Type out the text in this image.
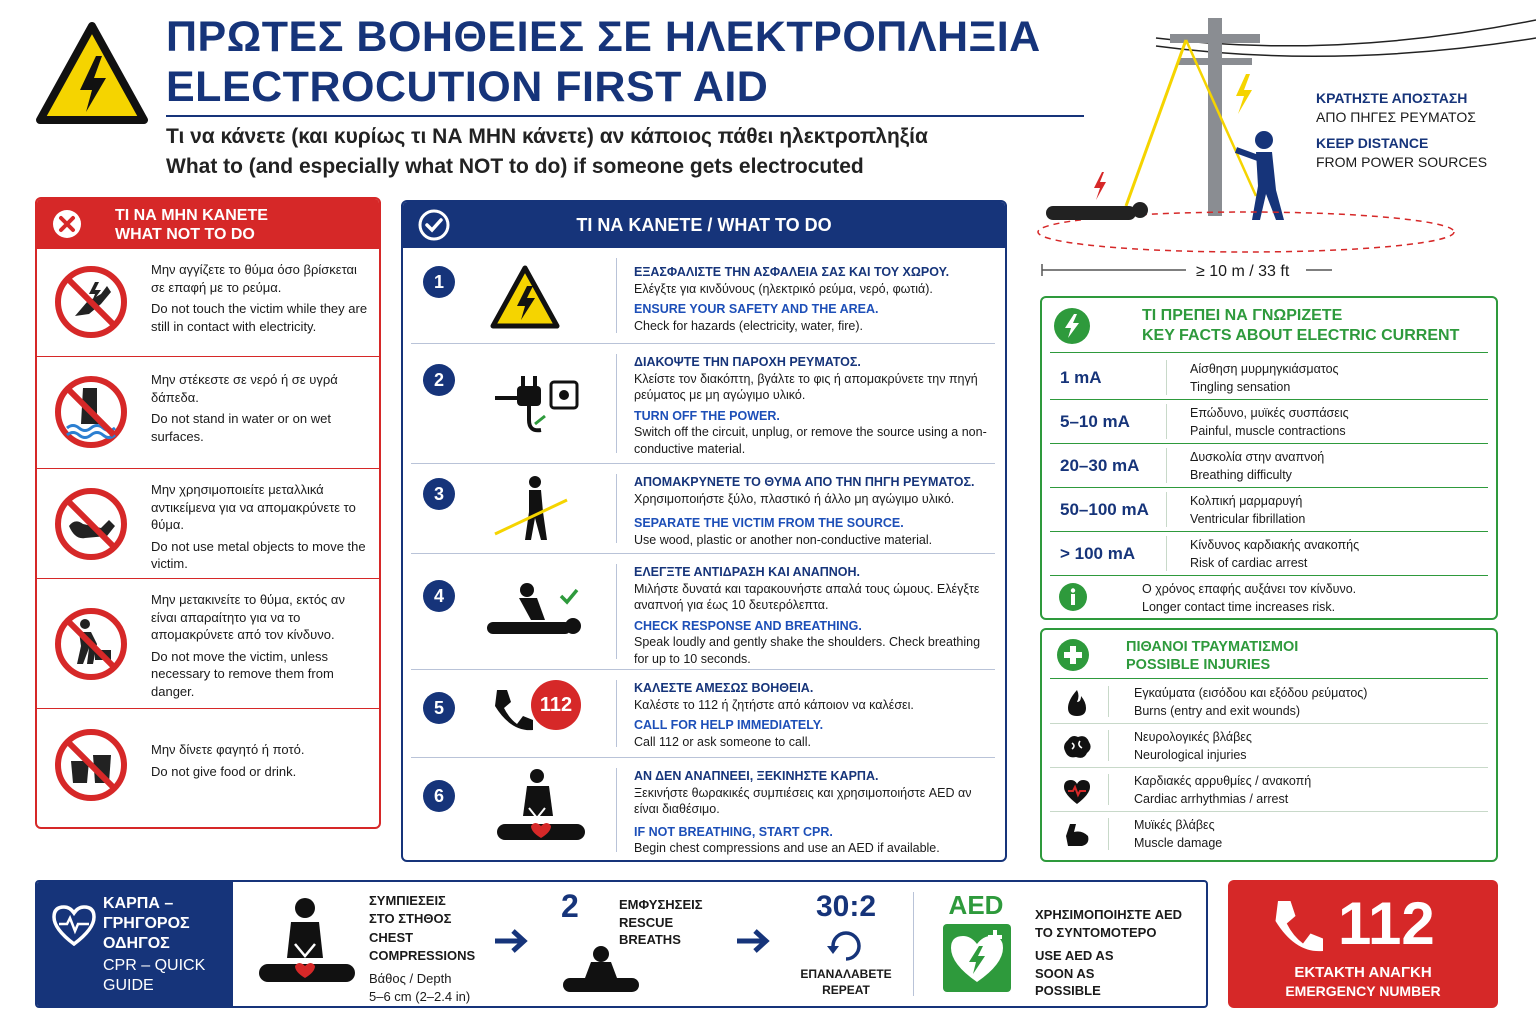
ΠΡΩΤΕΣ ΒΟΗΘΕΙΕΣ ΣΕ ΗΛΕΚΤΡΟΠΛΗΞΙΑ
ELECTROCUTION FIRST AID
Τι να κάνετε (και κυρίως τι ΝΑ ΜΗΝ κάνετε) αν κάποιος πάθει ηλεκτροπληξία
What to (and especially what NOT to do) if someone gets electrocuted
≥ 10 m / 33 ft
ΚΡΑΤΗΣΤΕ ΑΠΟΣΤΑΣΗ
ΑΠΟ ΠΗΓΕΣ ΡΕΥΜΑΤΟΣ
KEEP DISTANCE
FROM POWER SOURCES
ΤΙ ΝΑ ΜΗΝ ΚΑΝΕΤΕ
WHAT NOT TO DO
Μην αγγίζετε το θύμα όσο βρίσκεται σε επαφή με το ρεύμα.
Do not touch the victim while they are still in contact with electricity.
Μην στέκεστε σε νερό ή σε υγρά δάπεδα.
Do not stand in water or on wet surfaces.
Μην χρησιμοποιείτε μεταλλικά αντικείμενα για να απομακρύνετε το θύμα.
Do not use metal objects to move the victim.
Μην μετακινείτε το θύμα, εκτός αν είναι απαραίτητο για να το απομακρύνετε από τον κίνδυνο.
Do not move the victim, unless necessary to remove them from danger.
Μην δίνετε φαγητό ή ποτό.
Do not give food or drink.
ΤΙ ΝΑ ΚΑΝΕΤΕ / WHAT TO DO
1	ΕΞΑΣΦΑΛΙΣΤΕ ΤΗΝ ΑΣΦΑΛΕΙΑ ΣΑΣ ΚΑΙ ΤΟΥ ΧΩΡΟΥ.
Ελέγξτε για κινδύνους (ηλεκτρικό ρεύμα, νερό, φωτιά).
ENSURE YOUR SAFETY AND THE AREA.
Check for hazards (electricity, water, fire).
2
ΔΙΑΚΟΨΤΕ ΤΗΝ ΠΑΡΟΧΗ ΡΕΥΜΑΤΟΣ.
Κλείστε τον διακόπτη, βγάλτε το φις ή απομακρύνετε την πηγή ρεύματος με μη αγώγιμο υλικό.
TURN OFF THE POWER.
Switch off the circuit, unplug, or remove the source using a non-conductive material.
3
ΑΠΟΜΑΚΡΥΝΕΤΕ ΤΟ ΘΥΜΑ ΑΠΟ ΤΗΝ ΠΗΓΗ ΡΕΥΜΑΤΟΣ.
Χρησιμοποιήστε ξύλο, πλαστικό ή άλλο μη αγώγιμο υλικό.
SEPARATE THE VICTIM FROM THE SOURCE.
Use wood, plastic or another non-conductive material.
4
ΕΛΕΓΞΤΕ ΑΝΤΙΔΡΑΣΗ ΚΑΙ ΑΝΑΠΝΟΗ.
Μιλήστε δυνατά και ταρακουνήστε απαλά τους ώμους. Ελέγξτε αναπνοή για έως 10 δευτερόλεπτα.
CHECK RESPONSE AND BREATHING.
Speak loudly and gently shake the shoulders. Check breathing for up to 10 seconds.
5	112
ΚΑΛΕΣΤΕ ΑΜΕΣΩΣ ΒΟΗΘΕΙΑ.
Καλέστε το 112 ή ζητήστε από κάποιον να καλέσει.
CALL FOR HELP IMMEDIATELY.
Call 112 or ask someone to call.
6
ΑΝ ΔΕΝ ΑΝΑΠΝΕΕΙ, ΞΕΚΙΝΗΣΤΕ ΚΑΡΠΑ.
Ξεκινήστε θωρακικές συμπιέσεις και χρησιμοποιήστε AED αν είναι διαθέσιμο.
IF NOT BREATHING, START CPR.
Begin chest compressions and use an AED if available.
ΤΙ ΠΡΕΠΕΙ ΝΑ ΓΝΩΡΙΖΕΤΕ
KEY FACTS ABOUT ELECTRIC CURRENT
1 mA	Αίσθηση μυρμηγκιάσματος
Tingling sensation
5–10 mA	Επώδυνο, μυϊκές συσπάσεις
Painful, muscle contractions
20–30 mA	Δυσκολία στην αναπνοή
Breathing difficulty
50–100 mA	Κολπική μαρμαρυγή
Ventricular fibrillation
> 100 mA	Κίνδυνος καρδιακής ανακοπής
Risk of cardiac arrest
Ο χρόνος επαφής αυξάνει τον κίνδυνο.
Longer contact time increases risk.
ΠΙΘΑΝΟΙ ΤΡΑΥΜΑΤΙΣΜΟΙ
POSSIBLE INJURIES
Εγκαύματα (εισόδου και εξόδου ρεύματος)
Burns (entry and exit wounds)
Νευρολογικές βλάβες
Neurological injuries
Καρδιακές αρρυθμίες / ανακοπή
Cardiac arrhythmias / arrest
Μυϊκές βλάβες
Muscle damage
ΚΑΡΠΑ – ΓΡΗΓΟΡΟΣ ΟΔΗΓΟΣ
CPR – QUICK GUIDE
ΣΥΜΠΙΕΣΕΙΣ ΣΤΟ ΣΤΗΘΟΣ
CHEST COMPRESSIONS
Βάθος / Depth
5–6 cm (2–2.4 in)
2	ΕΜΦΥΣΗΣΕΙΣ
RESCUE BREATHS
30:2
ΕΠΑΝΑΛΑΒΕΤΕ
REPEAT
AED	ΧΡΗΣΙΜΟΠΟΙΗΣΤΕ AED ΤΟ ΣΥΝΤΟΜΟΤΕΡΟ
USE AED AS SOON AS POSSIBLE
112
ΕΚΤΑΚΤΗ ΑΝΑΓΚΗ
EMERGENCY NUMBER
